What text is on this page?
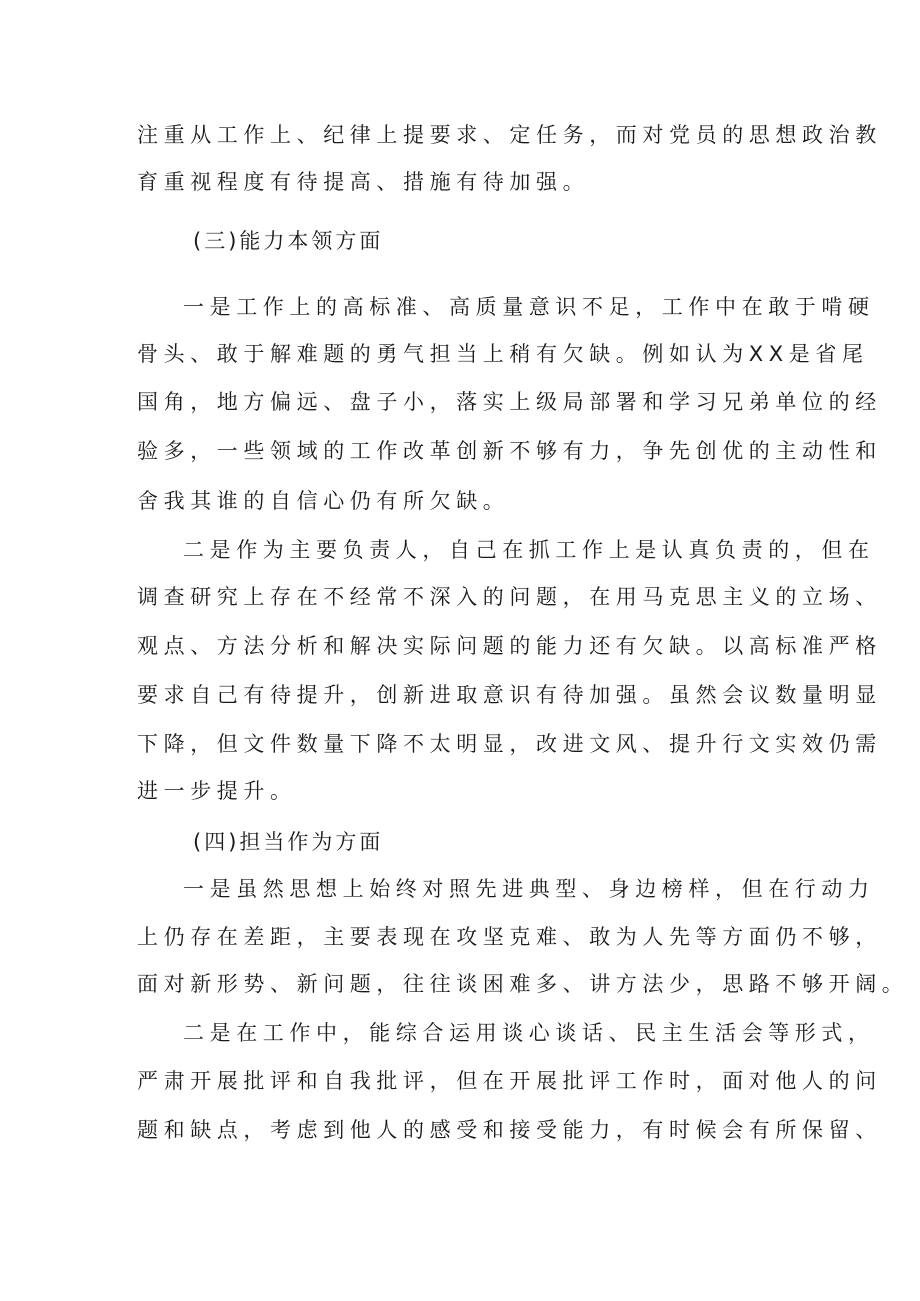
注重从工作上、纪律上提要求、定任务，而对党员的思想政治教
育重视程度有待提高、措施有待加强。
(三)能力本领方面
一是工作上的高标准、高质量意识不足，工作中在敢于啃硬
骨头、敢于解难题的勇气担当上稍有欠缺。例如认为XX是省尾
国角，地方偏远、盘子小，落实上级局部署和学习兄弟单位的经
验多，一些领域的工作改革创新不够有力，争先创优的主动性和
舍我其谁的自信心仍有所欠缺。
二是作为主要负责人，自己在抓工作上是认真负责的，但在
调查研究上存在不经常不深入的问题，在用马克思主义的立场、
观点、方法分析和解决实际问题的能力还有欠缺。以高标准严格
要求自己有待提升，创新进取意识有待加强。虽然会议数量明显
下降，但文件数量下降不太明显，改进文风、提升行文实效仍需
进一步提升。
(四)担当作为方面
一是虽然思想上始终对照先进典型、身边榜样，但在行动力
上仍存在差距，主要表现在攻坚克难、敢为人先等方面仍不够，
面对新形势、新问题，往往谈困难多、讲方法少，思路不够开阔。
二是在工作中，能综合运用谈心谈话、民主生活会等形式，
严肃开展批评和自我批评，但在开展批评工作时，面对他人的问
题和缺点，考虑到他人的感受和接受能力，有时候会有所保留、
